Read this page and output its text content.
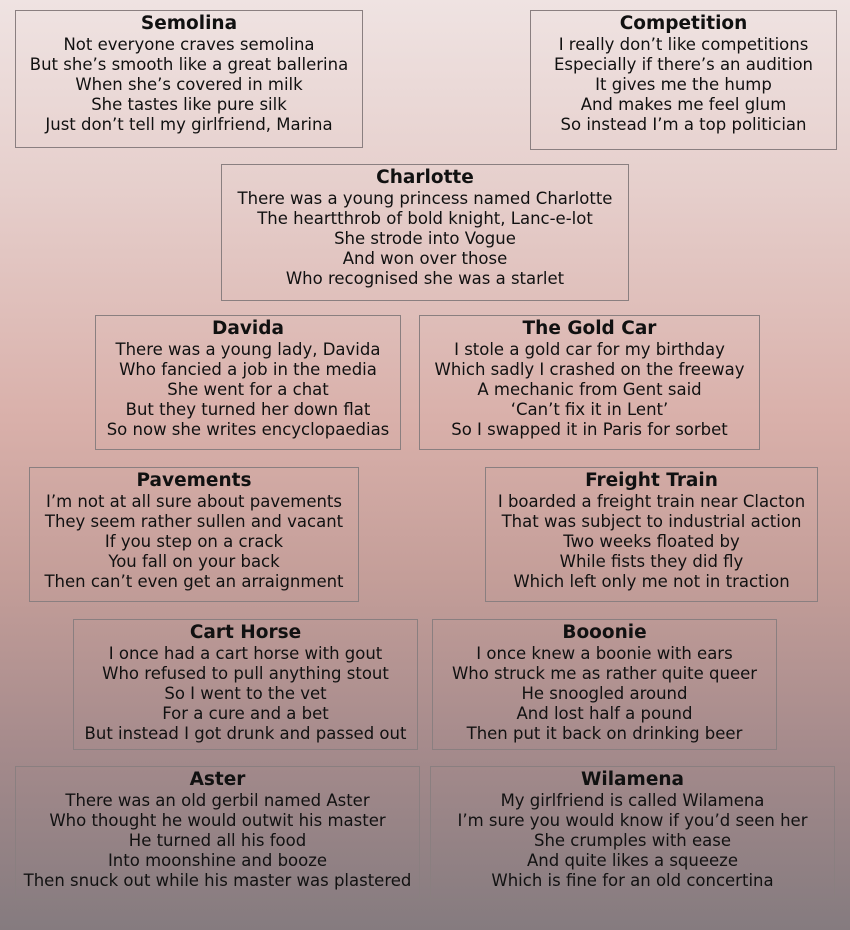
Semolina
Not everyone craves semolina
But she’s smooth like a great ballerina
When she’s covered in milk
She tastes like pure silk
Just don’t tell my girlfriend, Marina
Competition
I really don’t like competitions
Especially if there’s an audition
It gives me the hump
And makes me feel glum
So instead I’m a top politician
Charlotte
There was a young princess named Charlotte
The heartthrob of bold knight, Lanc-e-lot
She strode into Vogue
And won over those
Who recognised she was a starlet
Davida
There was a young lady, Davida
Who fancied a job in the media
She went for a chat
But they turned her down flat
So now she writes encyclopaedias
The Gold Car
I stole a gold car for my birthday
Which sadly I crashed on the freeway
A mechanic from Gent said
‘Can’t fix it in Lent’
So I swapped it in Paris for sorbet
Pavements
I’m not at all sure about pavements
They seem rather sullen and vacant
If you step on a crack
You fall on your back
Then can’t even get an arraignment
Freight Train
I boarded a freight train near Clacton
That was subject to industrial action
Two weeks floated by
While fists they did fly
Which left only me not in traction
Cart Horse
I once had a cart horse with gout
Who refused to pull anything stout
So I went to the vet
For a cure and a bet
But instead I got drunk and passed out
Booonie
I once knew a boonie with ears
Who struck me as rather quite queer
He snoogled around
And lost half a pound
Then put it back on drinking beer
Aster
There was an old gerbil named Aster
Who thought he would outwit his master
He turned all his food
Into moonshine and booze
Then snuck out while his master was plastered
Wilamena
My girlfriend is called Wilamena
I’m sure you would know if you’d seen her
She crumples with ease
And quite likes a squeeze
Which is fine for an old concertina
